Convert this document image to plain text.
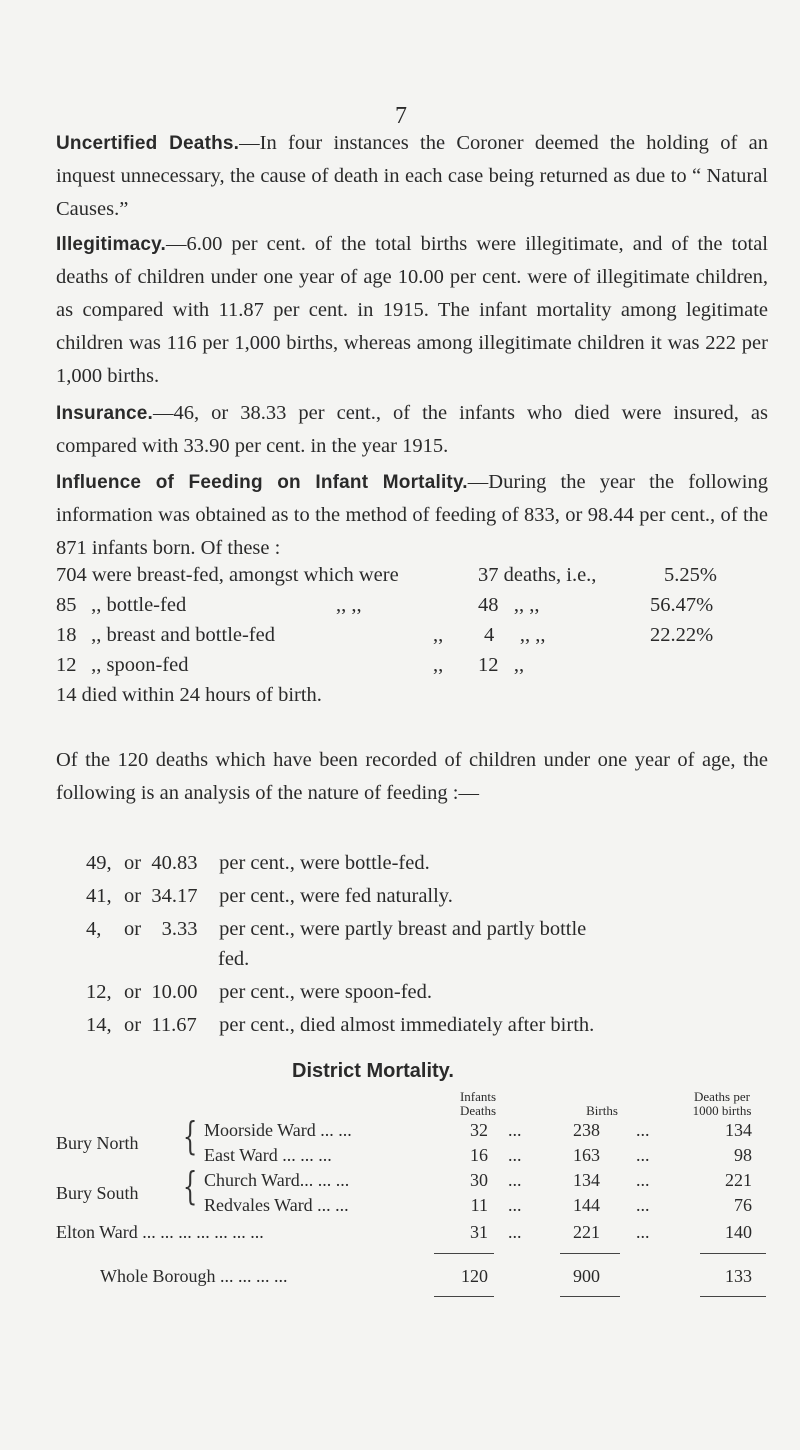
7
Uncertified Deaths.—In four instances the Coroner deemed the holding of an inquest unnecessary, the cause of death in each case being returned as due to “ Natural Causes.”
Illegitimacy.—6.00 per cent. of the total births were illegitimate, and of the total deaths of children under one year of age 10.00 per cent. were of illegitimate children, as compared with 11.87 per cent. in 1915. The infant mortality among legitimate children was 116 per 1,000 births, whereas among illegitimate children it was 222 per 1,000 births.
Insurance.—46, or 38.33 per cent., of the infants who died were insured, as compared with 33.90 per cent. in the year 1915.
Influence of Feeding on Infant Mortality.—During the year the following information was obtained as to the method of feeding of 833, or 98.44 per cent., of the 871 infants born. Of these :
704 were breast-fed, amongst which were	37 deaths, i.e.,	5.25%
85 ,, bottle-fed	,, ,,	48 ,, ,,	56.47%
18 ,, breast and bottle-fed	,, 4 ,, ,,	22.22%
12 ,, spoon-fed	,, 12 ,,
14 died within 24 hours of birth.
Of the 120 deaths which have been recorded of children under one year of age, the following is an analysis of the nature of feeding :—
49, or  40.83 per cent., were bottle-fed.
41, or  34.17 per cent., were fed naturally.
4, or    3.33 per cent., were partly breast and partly bottle
fed.
12, or  10.00 per cent., were spoon-fed.
14, or  11.67 per cent., died almost immediately after birth.
District Mortality.
Infants
Deaths	Births
Deaths per
1000 births
Bury North { Moorside Ward ... ...	32 ...	238 ...	134
East Ward ... ... ...	16 ...	163 ...	98
Bury South { Church Ward... ... ...	30 ...	134 ...	221
Redvales Ward ... ...	11 ...	144 ...	76
Elton Ward ... ... ... ... ... ... ...	31 ...	221 ...	140
Whole Borough ... ... ... ...	120	900	133
